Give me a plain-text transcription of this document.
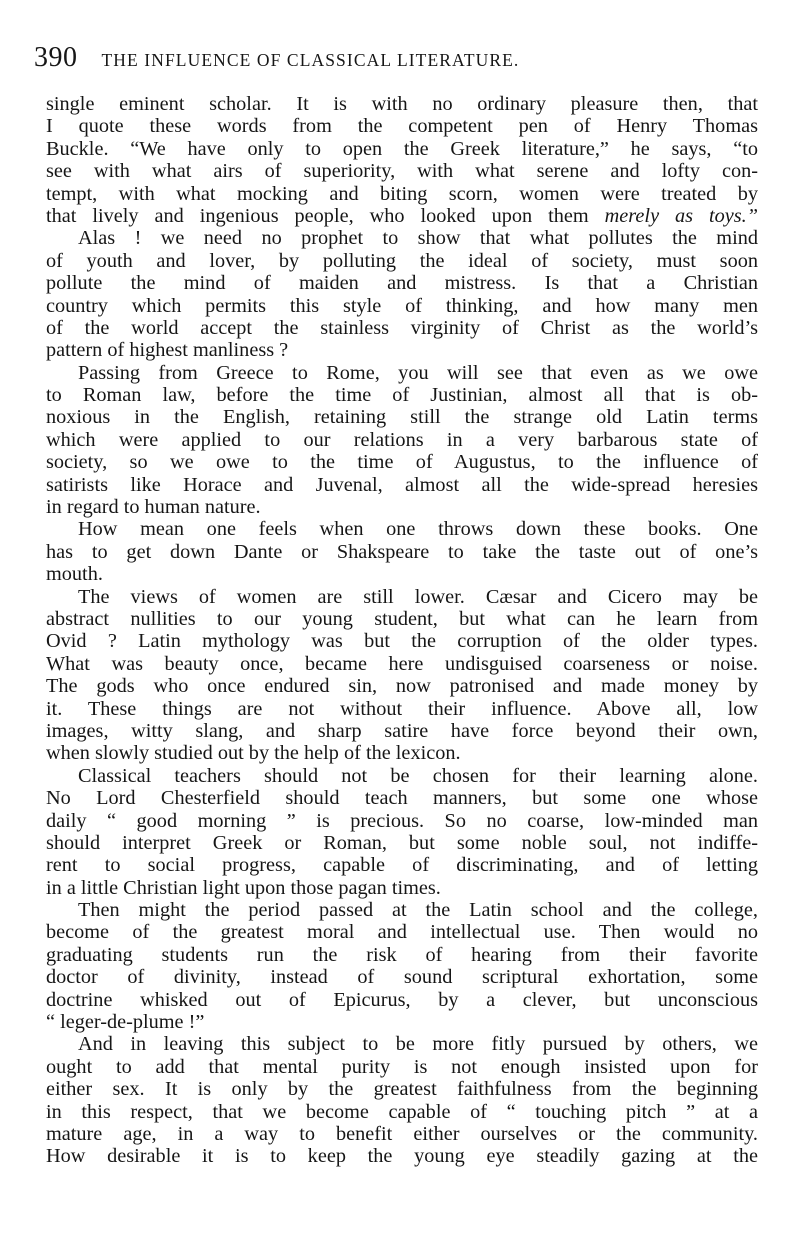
390 THE INFLUENCE OF CLASSICAL LITERATURE.
single eminent scholar. It is with no ordinary pleasure then, that
I quote these words from the competent pen of Henry Thomas
Buckle. “We have only to open the Greek literature,” he says, “to
see with what airs of superiority, with what serene and lofty con-
tempt, with what mocking and biting scorn, women were treated by
that lively and ingenious people, who looked upon them merely as toys.”
Alas ! we need no prophet to show that what pollutes the mind
of youth and lover, by polluting the ideal of society, must soon
pollute the mind of maiden and mistress. Is that a Christian
country which permits this style of thinking, and how many men
of the world accept the stainless virginity of Christ as the world’s
pattern of highest manliness ?
Passing from Greece to Rome, you will see that even as we owe
to Roman law, before the time of Justinian, almost all that is ob-
noxious in the English, retaining still the strange old Latin terms
which were applied to our relations in a very barbarous state of
society, so we owe to the time of Augustus, to the influence of
satirists like Horace and Juvenal, almost all the wide-spread heresies
in regard to human nature.
How mean one feels when one throws down these books. One
has to get down Dante or Shakspeare to take the taste out of one’s
mouth.
The views of women are still lower. Cæsar and Cicero may be
abstract nullities to our young student, but what can he learn from
Ovid ? Latin mythology was but the corruption of the older types.
What was beauty once, became here undisguised coarseness or noise.
The gods who once endured sin, now patronised and made money by
it. These things are not without their influence. Above all, low
images, witty slang, and sharp satire have force beyond their own,
when slowly studied out by the help of the lexicon.
Classical teachers should not be chosen for their learning alone.
No Lord Chesterfield should teach manners, but some one whose
daily “ good morning ” is precious. So no coarse, low-minded man
should interpret Greek or Roman, but some noble soul, not indiffe-
rent to social progress, capable of discriminating, and of letting
in a little Christian light upon those pagan times.
Then might the period passed at the Latin school and the college,
become of the greatest moral and intellectual use. Then would no
graduating students run the risk of hearing from their favorite
doctor of divinity, instead of sound scriptural exhortation, some
doctrine whisked out of Epicurus, by a clever, but unconscious
“ leger-de-plume !”
And in leaving this subject to be more fitly pursued by others, we
ought to add that mental purity is not enough insisted upon for
either sex. It is only by the greatest faithfulness from the beginning
in this respect, that we become capable of “ touching pitch ” at a
mature age, in a way to benefit either ourselves or the community.
How desirable it is to keep the young eye steadily gazing at the
